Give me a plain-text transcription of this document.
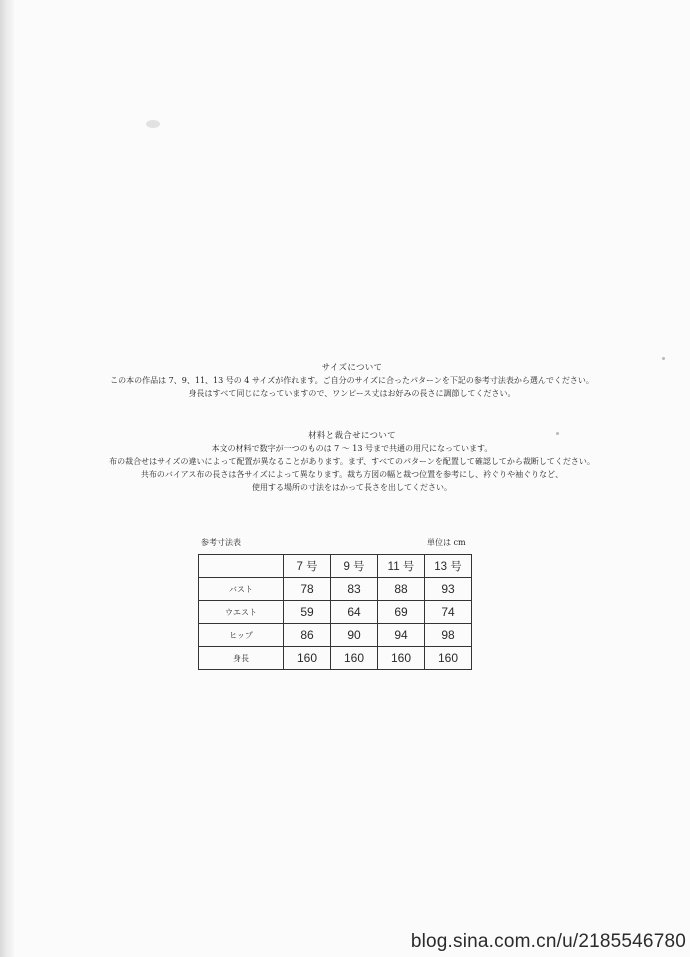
サイズについて
この本の作品は 7、9、11、13 号の 4 サイズが作れます。ご自分のサイズに合ったパターンを下記の参考寸法表から選んでください。
身長はすべて同じになっていますので、ワンピース丈はお好みの長さに調節してください。
材料と裁合せについて
本文の材料で数字が一つのものは 7 ～ 13 号まで共通の用尺になっています。
布の裁合せはサイズの違いによって配置が異なることがあります。まず、すべてのパターンを配置して確認してから裁断してください。
共布のバイアス布の長さは各サイズによって異なります。裁ち方図の幅と裁つ位置を参考にし、衿ぐりや袖ぐりなど、
使用する場所の寸法をはかって長さを出してください。
参考寸法表	単位は cm
	7 号	9 号	11 号	13 号
バスト	78	83	88	93
ウエスト	59	64	69	74
ヒップ	86	90	94	98
身長	160	160	160	160
blog.sina.com.cn/u/2185546780
